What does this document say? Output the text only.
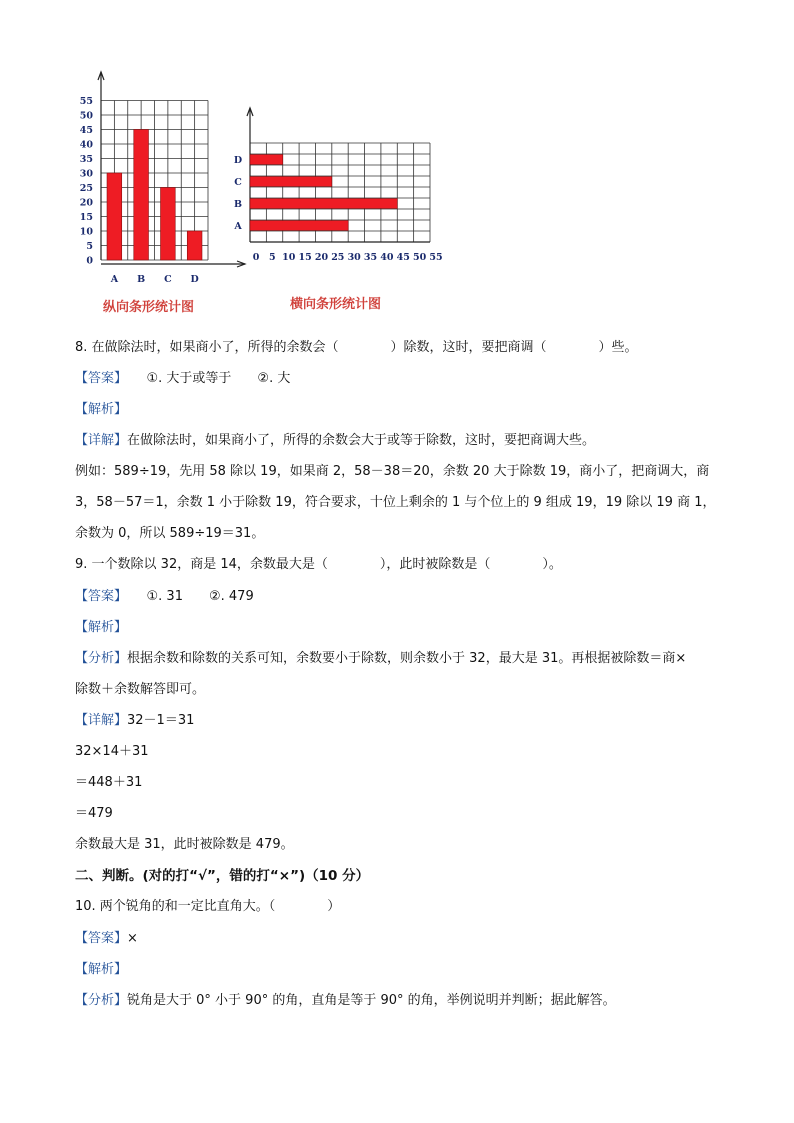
0
5
10
15
20
25
30
35
40
45
50
55
A B C D
0 5 10 15 20 25 30 35 40 45 50 55
A
B
C
D
纵向条形统计图	横向条形统计图
8. 在做除法时，如果商小了，所得的余数会（　　　　）除数，这时，要把商调（　　　　）些。
【答案】　　①. 大于或等于　　②. 大
【解析】
【详解】在做除法时，如果商小了，所得的余数会大于或等于除数，这时，要把商调大些。
例如：589÷19，先用 58 除以 19，如果商 2，58－38＝20，余数 20 大于除数 19，商小了，把商调大，商
3，58－57＝1，余数 1 小于除数 19，符合要求，十位上剩余的 1 与个位上的 9 组成 19，19 除以 19 商 1，
余数为 0，所以 589÷19＝31。
9. 一个数除以 32，商是 14，余数最大是（　　　　），此时被除数是（　　　　）。
【答案】　　①. 31　　②. 479
【解析】
【分析】根据余数和除数的关系可知，余数要小于除数，则余数小于 32，最大是 31。再根据被除数＝商×
除数＋余数解答即可。
【详解】32－1＝31
32×14＋31
＝448＋31
＝479
余数最大是 31，此时被除数是 479。
二、判断。(对的打“√”，错的打“×”)（10 分）
10. 两个锐角的和一定比直角大。（　　　　）
【答案】×
【解析】
【分析】锐角是大于 0° 小于 90° 的角，直角是等于 90° 的角，举例说明并判断；据此解答。
